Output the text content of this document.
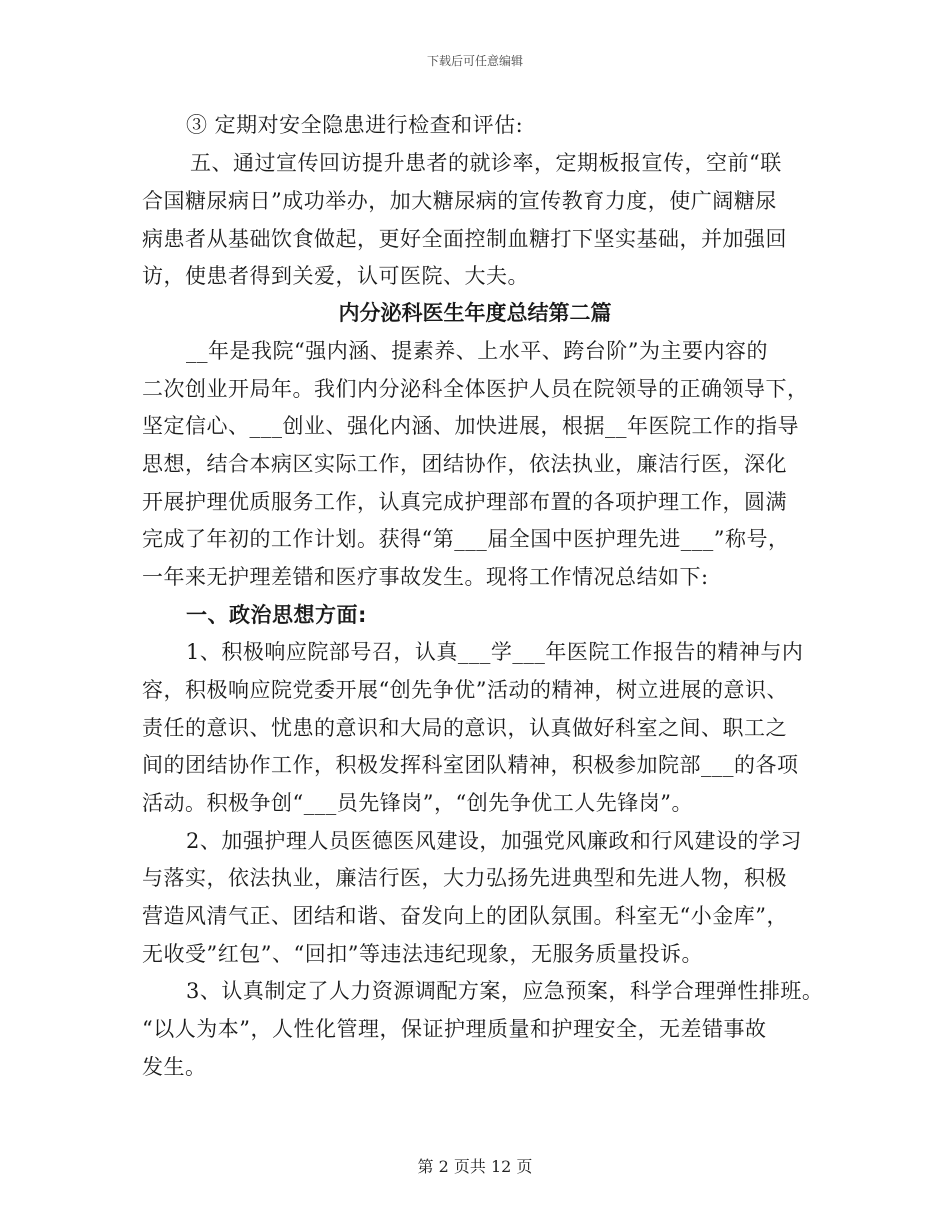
下载后可任意编辑
③ 定期对安全隐患进行检查和评估:
五、通过宣传回访提升患者的就诊率，定期板报宣传，空前“联
合国糖尿病日”成功举办，加大糖尿病的宣传教育力度，使广阔糖尿
病患者从基础饮食做起，更好全面控制血糖打下坚实基础，并加强回
访，使患者得到关爱，认可医院、大夫。
内分泌科医生年度总结第二篇
__年是我院“强内涵、提素养、上水平、跨台阶”为主要内容的
二次创业开局年。我们内分泌科全体医护人员在院领导的正确领导下，
坚定信心、___创业、强化内涵、加快进展，根据__年医院工作的指导
思想，结合本病区实际工作，团结协作，依法执业，廉洁行医，深化
开展护理优质服务工作，认真完成护理部布置的各项护理工作，圆满
完成了年初的工作计划。获得“第___届全国中医护理先进___”称号，
一年来无护理差错和医疗事故发生。现将工作情况总结如下:
一、政治思想方面:
1、积极响应院部号召，认真___学___年医院工作报告的精神与内
容，积极响应院党委开展“创先争优”活动的精神，树立进展的意识、
责任的意识、忧患的意识和大局的意识，认真做好科室之间、职工之
间的团结协作工作，积极发挥科室团队精神，积极参加院部___的各项
活动。积极争创“___员先锋岗”，“创先争优工人先锋岗”。
2、加强护理人员医德医风建设，加强党风廉政和行风建设的学习
与落实，依法执业，廉洁行医，大力弘扬先进典型和先进人物，积极
营造风清气正、团结和谐、奋发向上的团队氛围。科室无“小金库”，
无收受”红包”、“回扣”等违法违纪现象，无服务质量投诉。
3、认真制定了人力资源调配方案，应急预案，科学合理弹性排班。
“以人为本”，人性化管理，保证护理质量和护理安全，无差错事故
发生。
第 2 页共 12 页
